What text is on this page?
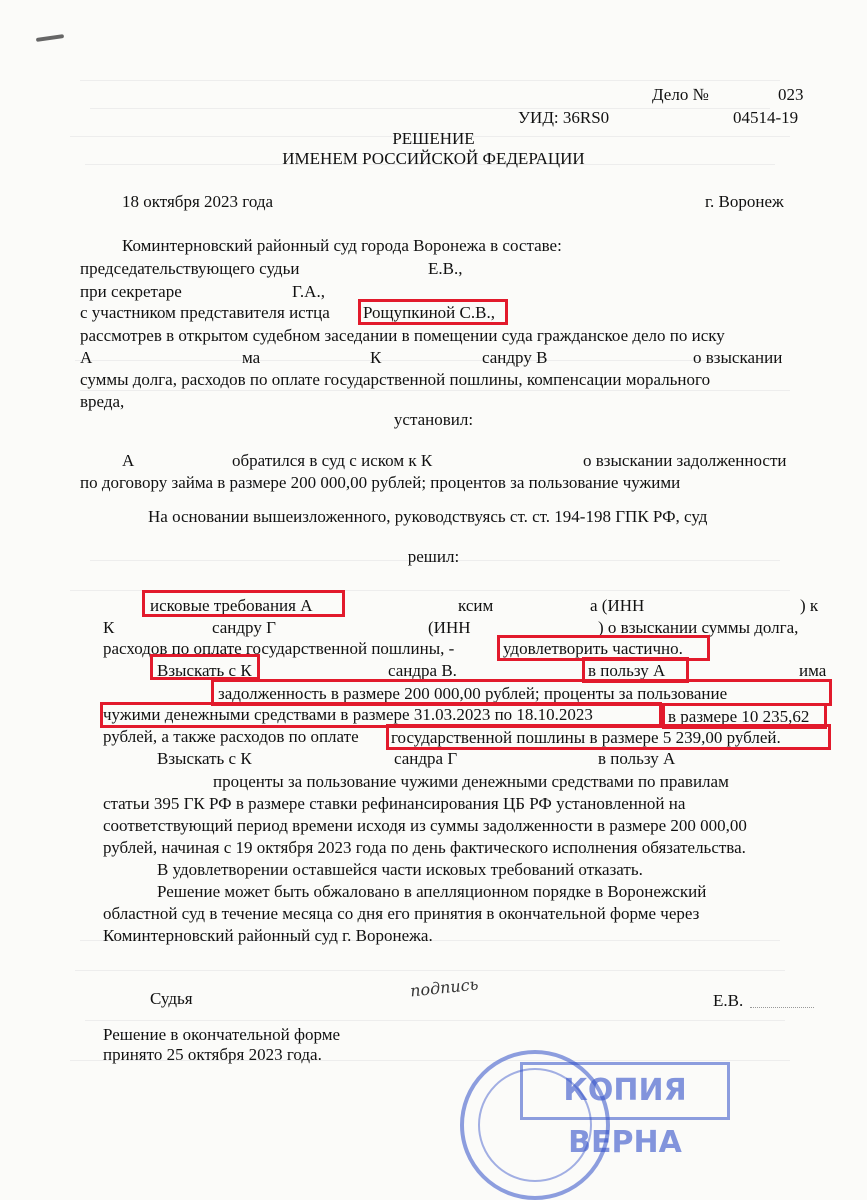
Дело №	023
УИД: 36RS0	04514-19
РЕШЕНИЕ
ИМЕНЕМ РОССИЙСКОЙ ФЕДЕРАЦИИ
18 октября 2023 года	г. Воронеж
Коминтерновский районный суд города Воронежа в составе:
председательствующего судьи	Е.В.,
при секретаре	Г.А.,
с участником представителя истца Рощупкиной С.В.,
рассмотрев в открытом судебном заседании в помещении суда гражданское дело по иску
А	ма	К	сандру В	о взыскании
суммы долга, расходов по оплате государственной пошлины, компенсации морального
вреда,
установил:
А	обратился в суд с иском к К	о взыскании задолженности
по договору займа в размере 200 000,00 рублей; процентов за пользование чужими
На основании вышеизложенного, руководствуясь ст. ст. 194-198 ГПК РФ, суд
решил:
исковые требования А	ксим	а (ИНН	) к
К	сандру Г	(ИНН	) о взыскании суммы долга,
расходов по оплате государственной пошлины, -	удовлетворить частично.
Взыскать с К	сандра В.	в пользу А	има
задолженность в размере 200 000,00 рублей; проценты за пользование
чужими денежными средствами в размере 31.03.2023 по 18.10.2023	в размере 10 235,62
рублей, а также расходов по оплате государственной пошлины в размере 5 239,00 рублей.
Взыскать с К	сандра Г	в пользу А
проценты за пользование чужими денежными средствами по правилам
статьи 395 ГК РФ в размере ставки рефинансирования ЦБ РФ установленной на
соответствующий период времени исходя из суммы задолженности в размере 200 000,00
рублей, начиная с 19 октября 2023 года по день фактического исполнения обязательства.
В удовлетворении оставшейся части исковых требований отказать.
Решение может быть обжаловано в апелляционном порядке в Воронежский
областной суд в течение месяца со дня его принятия в окончательной форме через
Коминтерновский районный суд г. Воронежа.
Судья	подпись	Е.В.
Решение в окончательной форме
принято 25 октября 2023 года.
КОПИЯ ВЕРНА
